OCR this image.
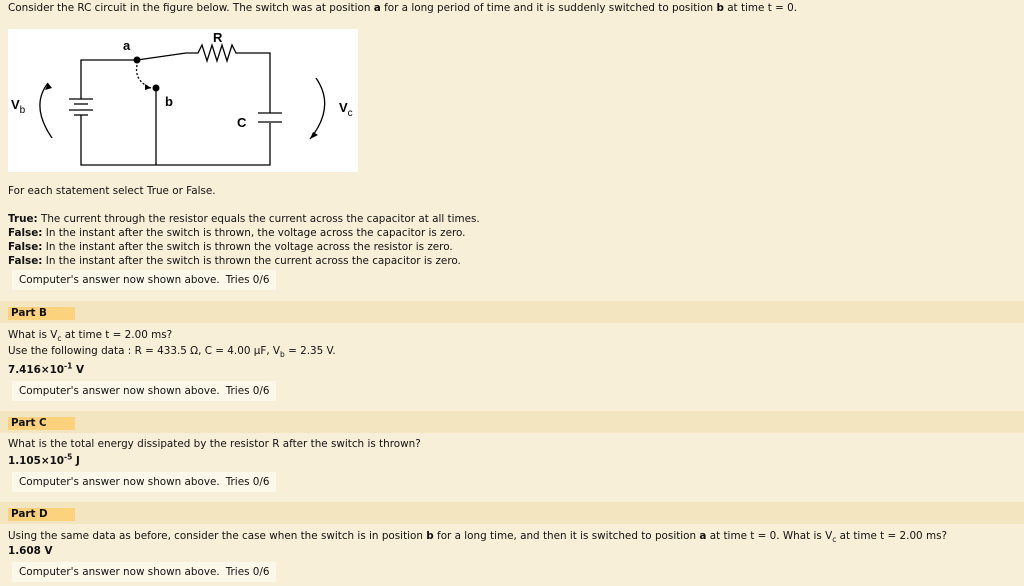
Consider the RC circuit in the figure below. The switch was at position a for a long period of time and it is suddenly switched to position b at time t = 0.
a
b
R
C
$V_b$	$V_c$
For each statement select True or False.
True: The current through the resistor equals the current across the capacitor at all times.
False: In the instant after the switch is thrown, the voltage across the capacitor is zero.
False: In the instant after the switch is thrown the voltage across the resistor is zero.
False: In the instant after the switch is thrown the current across the capacitor is zero.
Computer's answer now shown above. Tries 0/6
Part B
What is $V_c$ at time t = 2.00 ms?
Use the following data : R = 433.5 Ω, C = 4.00 μF, $V_b = 2.35$ V.
$7.416\times 10^{-1}$ V
Computer's answer now shown above. Tries 0/6
Part C
What is the total energy dissipated by the resistor R after the switch is thrown?
$1.105\times 10^{-5}$ J
Computer's answer now shown above. Tries 0/6
Part D
Using the same data as before, consider the case when the switch is in position b for a long time, and then it is switched to position a at time t = 0. What is $V_c$ at time t = 2.00 ms?
1.608 V
Computer's answer now shown above. Tries 0/6
